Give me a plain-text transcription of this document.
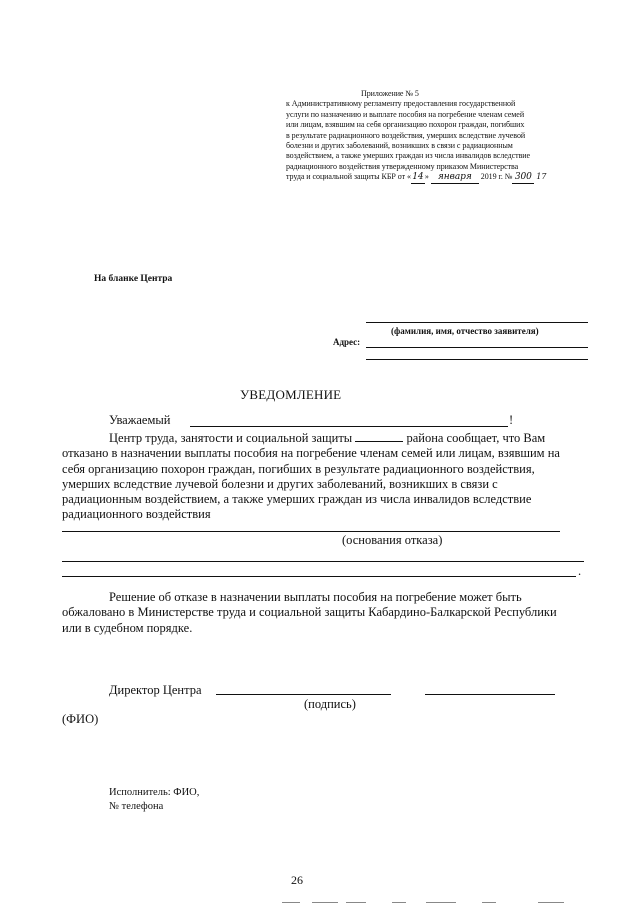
Приложение № 5
к Административному регламенту предоставления государственной
услуги по назначению и выплате пособия на погребение членам семей
или лицам, взявшим на себя организацию похорон граждан, погибших
в результате радиационного воздействия, умерших вследствие лучевой
болезни и других заболеваний, возникших в связи с радиационным
воздействием, а также умерших граждан из числа инвалидов вследствие
радиационного воздействия утвержденному приказом Министерства
труда и социальной защиты КБР от «14» января 2019 г. № 300 17
На бланке Центра
(фамилия, имя, отчество заявителя)
Адрес:
УВЕДОМЛЕНИЕ
Уважаемый	!
Центр труда, занятости и социальной защиты	района сообщает, что Вам
отказано в назначении выплаты пособия на погребение членам семей или лицам, взявшим на
себя организацию похорон граждан, погибших в результате радиационного воздействия,
умерших вследствие лучевой болезни и других заболеваний, возникших в связи с
радиационным воздействием, а также умерших граждан из числа инвалидов вследствие
радиационного воздействия
(основания отказа)
.
Решение об отказе в назначении выплаты пособия на погребение может быть
обжаловано в Министерстве труда и социальной защиты Кабардино-Балкарской Республики
или в судебном порядке.
Директор Центра
(подпись)
(ФИО)
Исполнитель: ФИО,
№ телефона
26
